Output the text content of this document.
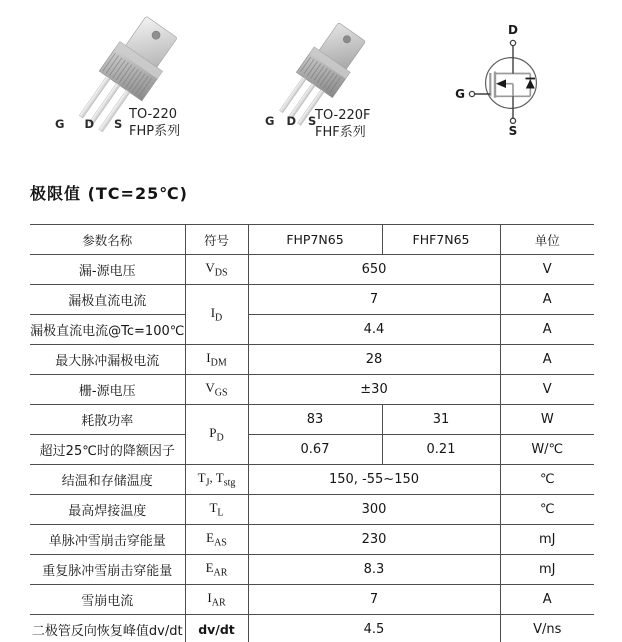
G D S
TO-220
FHP系列
G D S
TO-220F
FHF系列
D
G
S
极限值 (TC=25℃)
参数名称	符号	FHP7N65	FHF7N65	单位
漏-源电压	$V_{DS}$	650		V
漏极直流电流	$I_D$	7		A
漏极直流电流@Tc=100℃		4.4		A
最大脉冲漏极电流	$I_{DM}$	28		A
栅-源电压	$V_{GS}$	±30		V
耗散功率	$P_D$	83	31	W
超过25℃时的降额因子		0.67	0.21	W/℃
结温和存储温度	$T_J$, $T_{stg}$	150, -55~150		℃
最高焊接温度	$T_L$	300		℃
单脉冲雪崩击穿能量	$E_{AS}$	230		mJ
重复脉冲雪崩击穿能量	$E_{AR}$	8.3		mJ
雪崩电流	$I_{AR}$	7		A
二极管反向恢复峰值dv/dt	dv/dt	4.5		V/ns
